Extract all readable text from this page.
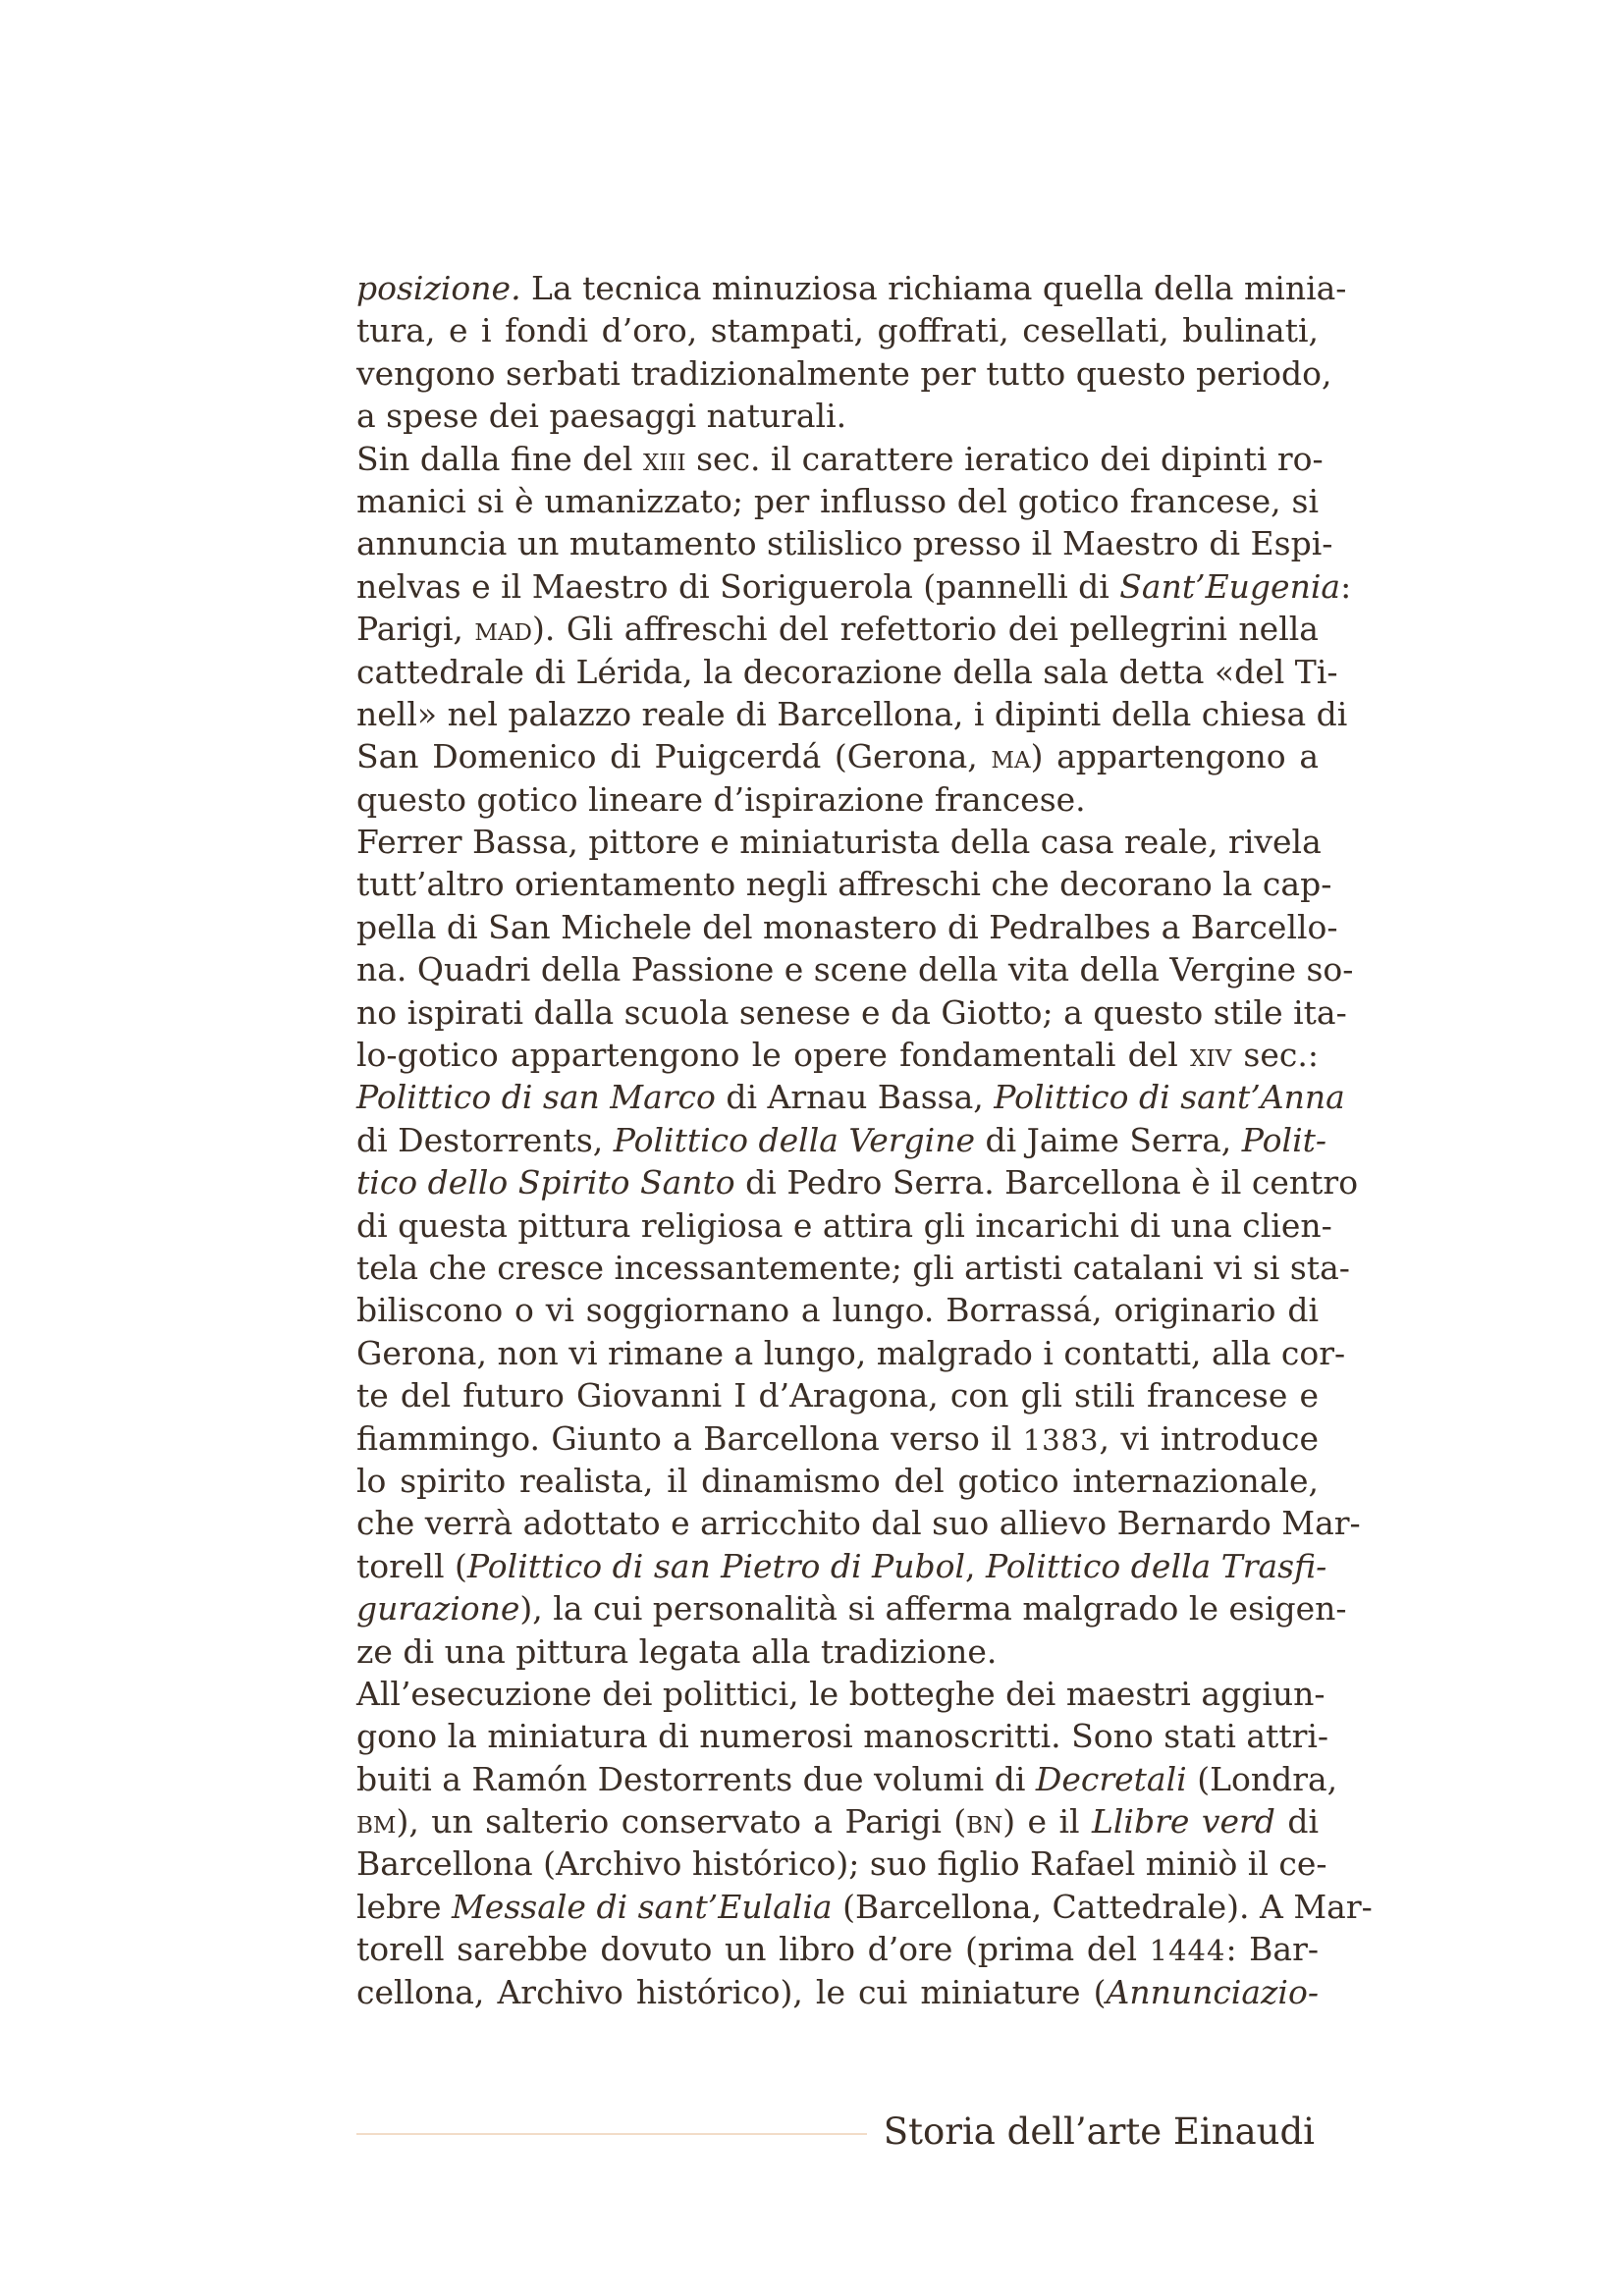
posizione. La tecnica minuziosa richiama quella della minia-
tura, e i fondi d’oro, stampati, goffrati, cesellati, bulinati,
vengono serbati tradizionalmente per tutto questo periodo,
a spese dei paesaggi naturali.
Sin dalla fine del xiii sec. il carattere ieratico dei dipinti ro-
manici si è umanizzato; per influsso del gotico francese, si
annuncia un mutamento stilislico presso il Maestro di Espi-
nelvas e il Maestro di Soriguerola (pannelli di Sant’Eugenia:
Parigi, mad). Gli affreschi del refettorio dei pellegrini nella
cattedrale di Lérida, la decorazione della sala detta «del Ti-
nell» nel palazzo reale di Barcellona, i dipinti della chiesa di
San Domenico di Puigcerdá (Gerona, ma) appartengono a
questo gotico lineare d’ispirazione francese.
Ferrer Bassa, pittore e miniaturista della casa reale, rivela
tutt’altro orientamento negli affreschi che decorano la cap-
pella di San Michele del monastero di Pedralbes a Barcello-
na. Quadri della Passione e scene della vita della Vergine so-
no ispirati dalla scuola senese e da Giotto; a questo stile ita-
lo-gotico appartengono le opere fondamentali del xiv sec.:
Polittico di san Marco di Arnau Bassa, Polittico di sant’Anna
di Destorrents, Polittico della Vergine di Jaime Serra, Polit-
tico dello Spirito Santo di Pedro Serra. Barcellona è il centro
di questa pittura religiosa e attira gli incarichi di una clien-
tela che cresce incessantemente; gli artisti catalani vi si sta-
biliscono o vi soggiornano a lungo. Borrassá, originario di
Gerona, non vi rimane a lungo, malgrado i contatti, alla cor-
te del futuro Giovanni I d’Aragona, con gli stili francese e
fiammingo. Giunto a Barcellona verso il 1383, vi introduce
lo spirito realista, il dinamismo del gotico internazionale,
che verrà adottato e arricchito dal suo allievo Bernardo Mar-
torell (Polittico di san Pietro di Pubol, Polittico della Trasfi-
gurazione), la cui personalità si afferma malgrado le esigen-
ze di una pittura legata alla tradizione.
All’esecuzione dei polittici, le botteghe dei maestri aggiun-
gono la miniatura di numerosi manoscritti. Sono stati attri-
buiti a Ramón Destorrents due volumi di Decretali (Londra,
bm), un salterio conservato a Parigi (bn) e il Llibre verd di
Barcellona (Archivo histórico); suo figlio Rafael miniò il ce-
lebre Messale di sant’Eulalia (Barcellona, Cattedrale). A Mar-
torell sarebbe dovuto un libro d’ore (prima del 1444: Bar-
cellona, Archivo histórico), le cui miniature (Annunciazio-
Storia dell’arte Einaudi
